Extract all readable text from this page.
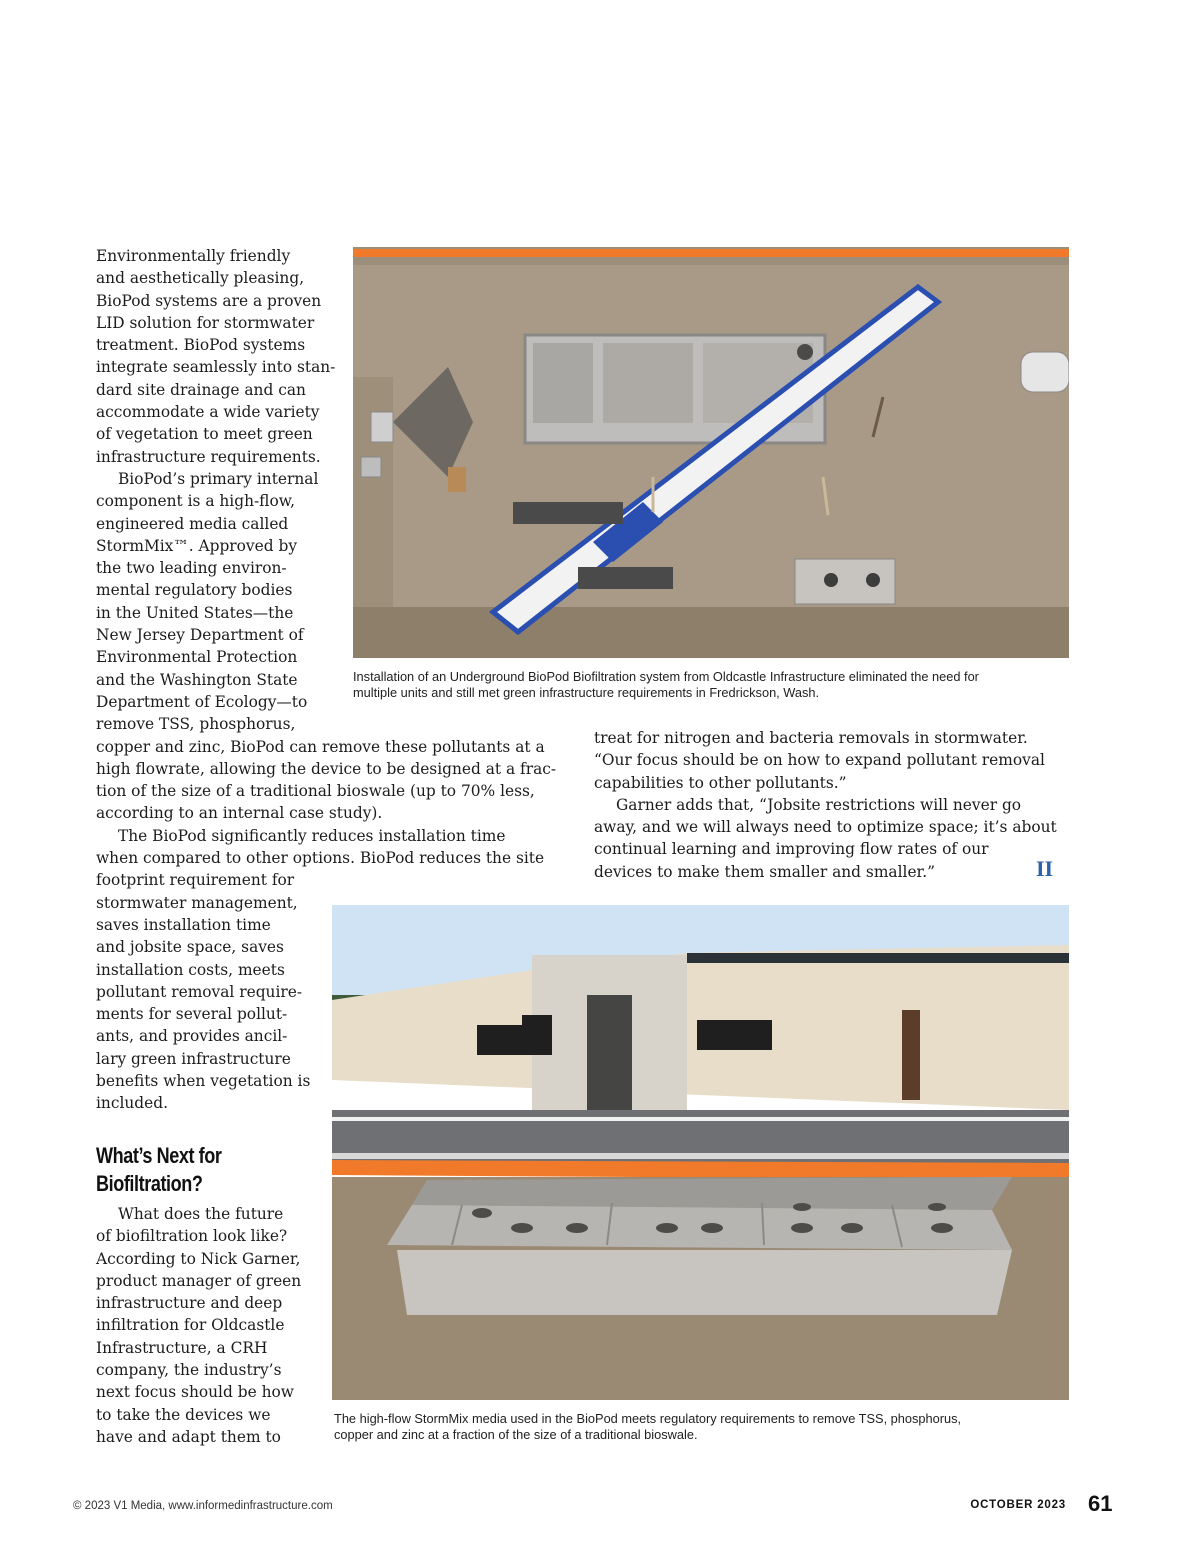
Environmentally friendly
and aesthetically pleasing,
BioPod systems are a proven
LID solution for stormwater
treatment. BioPod systems
integrate seamlessly into stan-
dard site drainage and can
accommodate a wide variety
of vegetation to meet green
infrastructure requirements.
BioPod’s primary internal
component is a high-flow,
engineered media called
StormMix™. Approved by
the two leading environ-
mental regulatory bodies
in the United States—the
New Jersey Department of
Environmental Protection
and the Washington State
Department of Ecology—to
remove TSS, phosphorus,
copper and zinc, BioPod can remove these pollutants at a
high flowrate, allowing the device to be designed at a frac-
tion of the size of a traditional bioswale (up to 70% less,
according to an internal case study).
The BioPod significantly reduces installation time
when compared to other options. BioPod reduces the site
footprint requirement for
stormwater management,
saves installation time
and jobsite space, saves
installation costs, meets
pollutant removal require-
ments for several pollut-
ants, and provides ancil-
lary green infrastructure
benefits when vegetation is
included.
What’s Next for
Biofiltration?
What does the future
of biofiltration look like?
According to Nick Garner,
product manager of green
infrastructure and deep
infiltration for Oldcastle
Infrastructure, a CRH
company, the industry’s
next focus should be how
to take the devices we
have and adapt them to
treat for nitrogen and bacteria removals in stormwater.
“Our focus should be on how to expand pollutant removal
capabilities to other pollutants.”
Garner adds that, “Jobsite restrictions will never go
away, and we will always need to optimize space; it’s about
continual learning and improving flow rates of our
devices to make them smaller and smaller.”	II
Installation of an Underground BioPod Biofiltration system from Oldcastle Infrastructure eliminated the need for
multiple units and still met green infrastructure requirements in Fredrickson, Wash.
The high-flow StormMix media used in the BioPod meets regulatory requirements to remove TSS, phosphorus,
copper and zinc at a fraction of the size of a traditional bioswale.
© 2023 V1 Media, www.informedinfrastructure.com	OCTOBER 2023 61
